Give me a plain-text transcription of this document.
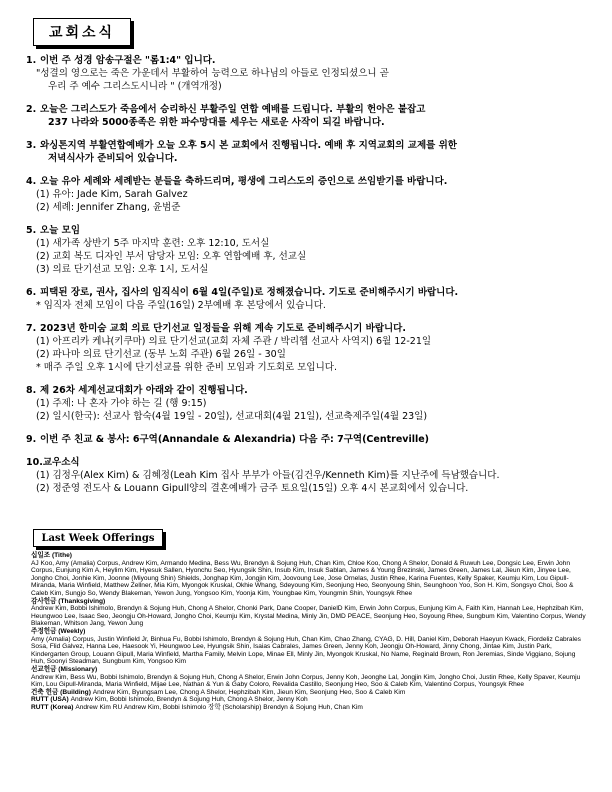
교회소식
1.이번 주 성경 암송구절은 "롬1:4" 입니다.
"성결의 영으로는 죽은 가운데서 부활하여 능력으로 하나님의 아들로 인정되셨으니 곧
우리 주 예수 그리스도시니라 " (개역개정)
2.오늘은 그리스도가 죽음에서 승리하신 부활주일 연합 예배를 드립니다. 부활의 헌아은 붙잡고
237 나라와 5000종족은 위한 파수망대를 세우는 새로운 사작이 되길 바랍니다.
3.와싱톤지역 부활연합예배가 오늘 오후 5시 본 교회에서 진행됩니다. 예배 후 지역교회의 교제를 위한
저녁식사가 준비되어 있습니다.
4.오늘 유아 세례와 세례받는 분들을 축하드리며, 평생에 그리스도의 증인으로 쓰임받기를 바랍니다.
(1) 유아: Jade Kim, Sarah Galvez
(2) 세례: Jennifer Zhang, 윤범준
5.오늘 모임
(1) 새가족 상반기 5주 마지막 훈련: 오후 12:10, 도서실
(2) 교회 복도 디자인 부서 담당자 모임: 오후 연합예배 후, 선교실
(3) 의료 단기선교 모임: 오후 1시, 도서실
6.피택된 장로, 권사, 집사의 임직식이 6월 4일(주일)로 정해졌습니다. 기도로 준비해주시기 바랍니다.
* 임직자 전체 모임이 다음 주일(16일) 2부예배 후 본당에서 있습니다.
7.2023년 한미숨 교회 의료 단기선교 일정들을 위해 계속 기도로 준비해주시기 바랍니다.
(1) 아프리카 케냐(키쿠마) 의료 단기선교(교회 자체 주관 / 박리헵 선교사 사역지) 6월 12-21일
(2) 파나마 의료 단기선교 (동부 노회 주관) 6월 26일 - 30일
* 매주 주일 오후 1시에 단기선교를 위한 준비 모임과 기도회로 모입니다.
8.제 26차 세계선교대회가 아래와 같이 진행됩니다.
(1) 주제: 나 혼자 가야 하는 길 (행 9:15)
(2) 일시(한국): 선교사 합숙(4월 19일 - 20일), 선교대회(4월 21일), 선교축제주일(4월 23일)
9.이번 주 친교 & 봉사: 6구역(Annandale & Alexandria) 다음 주: 7구역(Centreville)
10.교우소식
(1) 김정우(Alex Kim) & 김혜정(Leah Kim 집사 부부가 아들(김건우/Kenneth Kim)를 지난주에 득남했습니다.
(2) 정준영 전도사 & Louann Gipull양의 결혼예배가 금주 토요일(15일) 오후 4시 본교회에서 있습니다.
Last Week Offerings
십일조 (Tithe)
AJ Koo, Amy (Amalia) Corpus, Andrew Kim, Armando Medina, Bess Wu, Brendyn & Sojung Huh, Chan Kim, Chloe Koo, Chong A Shelor, Donald & Ruwuh Lee, Dongsic Lee, Erwin John Corpus, Eunjung Kim A, Heylim Kim, Hyesuk Sallen, Hyonchu Seo, Hyungsik Shin, Insub Kim, Insuk Sablan, James & Young Brezinski, James Green, James Lal, Jieun Kim, Jinyee Lee, Jongho Choi, Jonhie Kim, Joonne (Miyoung Shin) Shields, Jonghap Kim, Jongjin Kim, Joovoung Lee, Jose Ornelas, Justin Rhee, Karina Fuentes, Kelly Spaker, Keumju Kim, Lou Gipull-Miranda, Maria Winfield, Matthew Zellner, Mia Kim, Myongok Kruskal, Okhie Whang, Sdeyoung Kim, Seonjung Heo, Seonyoung Shin, Seunghoon Yoo, Son H. Kim, Songsyo Choi, Soo & Caleb Kim, Sungjo So, Wendy Blakeman, Yewon Jung, Yongsoo Kim, Yoonja Kim, Youngbae Kim, Youngmin Shin, Youngsyk Rhee
감사헌금 (Thanksgiving)
Andrew Kim, Bobbi Ishimolo, Brendyn & Sojung Huh, Chong A Shelor, Chonki Park, Dane Cooper, DanielD Kim, Erwin John Corpus, Eunjung Kim A, Faith Kim, Hannah Lee, Hephzibah Kim, Heungwoo Lee, Isaac Seo, Jeongju Oh-Howard, Jongho Choi, Keumju Kim, Krystal Medina, Minly Jin, DMD PEACE, Seonjung Heo, Soyoung Rhee, Sungbum Kim, Valentino Corpus, Wendy Blakeman, Whitson Jang, Yewon Jung
주정헌금 (Weekly)
Amy (Amalia) Corpus, Justin Winfield Jr, Binhua Fu, Bobbi Ishimolo, Brendyn & Sojung Huh, Chan Kim, Chao Zhang, CYAG, D. Hill, Daniel Kim, Deborah Haeyun Kwack, Fiordeliz Cabrales Sosa, Flid Galvez, Hanna Lee, Haesook Yi, Heungwoo Lee, Hyungsik Shin, Isaias Cabrales, James Green, Jenny Koh, Jeongju Oh-Howard, Jinny Chong, Jintae Kim, Justin Park, Kindergarten Group, Louann Gipull, Maria Winfield, Martha Family, Melvin Lope, Minae Ell, Minly Jin, Myongok Kruskal, No Name, Reginald Brown, Ron Jeremias, Sinde Viggiano, Sojung Huh, Soonyi Steadman, Sungbum Kim, Yongsoo Kim
선교헌금 (Missionary)
Andrew Kim, Bess Wu, Bobbi Ishimolo, Brendyn & Sojung Huh, Chong A Shelor, Erwin John Corpus, Jenny Koh, Jeonghe Lal, Jongjin Kim, Jongho Choi, Justin Rhee, Kelly Spaver, Keumju Kim, Lou Gipull-Miranda, Maria Winfield, Mijae Lee, Nathan & Yun & Gaby Coloro, Revalida Castillo, Seonjung Heo, Soo & Caleb Kim, Valentino Corpus, Youngsyk Rhee
건축 헌금 (Building) Andrew Kim, Byungsam Lee, Chong A Shelor, Hephzibah Kim, Jieun Kim, Seonjung Heo, Soo & Caleb Kim
RUTT (USA) Andrew Kim, Bobbi Ishimolo, Brendyn & Sojung Huh, Chong A Shelor, Jenny Koh
RUTT (Korea) Andrew Kim RU Andrew Kim, Bobbi Ishimolo 장학 (Scholarship) Brendyn & Sojung Huh, Chan Kim
